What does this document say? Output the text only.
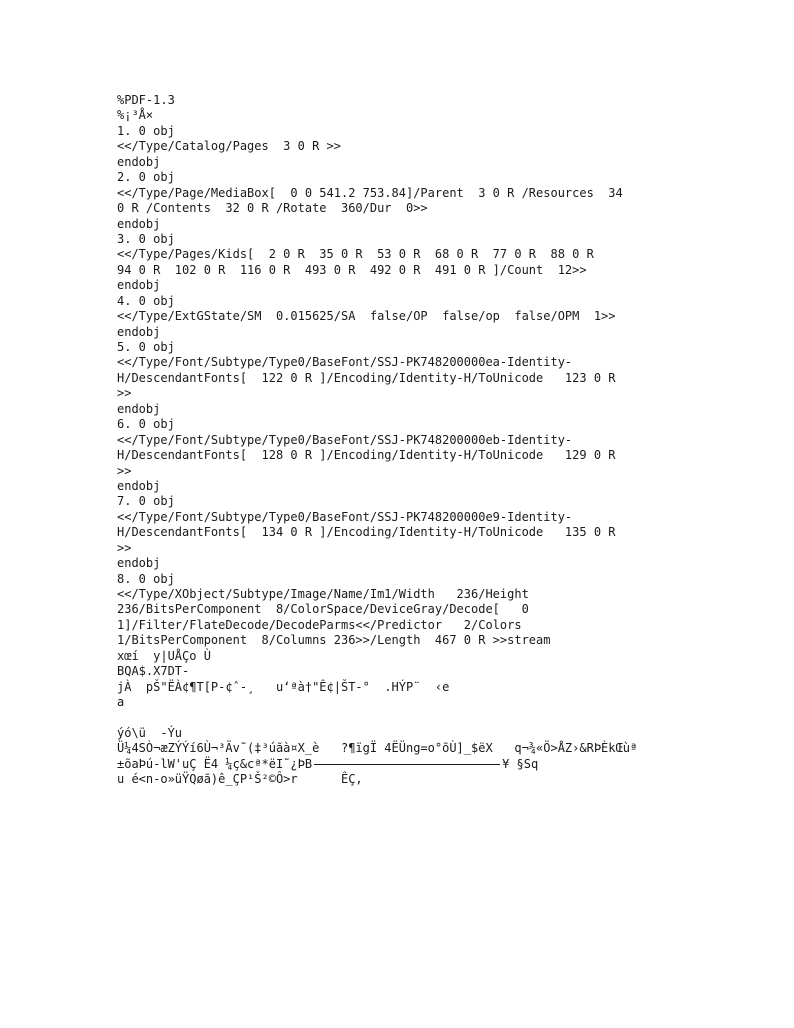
%PDF-1.3
%¡³Å×
1. 0 obj
<</Type/Catalog/Pages  3 0 R >>
endobj
2. 0 obj
<</Type/Page/MediaBox[  0 0 541.2 753.84]/Parent  3 0 R /Resources  34
0 R /Contents  32 0 R /Rotate  360/Dur  0>>
endobj
3. 0 obj
<</Type/Pages/Kids[  2 0 R  35 0 R  53 0 R  68 0 R  77 0 R  88 0 R
94 0 R  102 0 R  116 0 R  493 0 R  492 0 R  491 0 R ]/Count  12>>
endobj
4. 0 obj
<</Type/ExtGState/SM  0.015625/SA  false/OP  false/op  false/OPM  1>>
endobj
5. 0 obj
<</Type/Font/Subtype/Type0/BaseFont/SSJ-PK748200000ea-Identity-
H/DescendantFonts[  122 0 R ]/Encoding/Identity-H/ToUnicode   123 0 R
>>
endobj
6. 0 obj
<</Type/Font/Subtype/Type0/BaseFont/SSJ-PK748200000eb-Identity-
H/DescendantFonts[  128 0 R ]/Encoding/Identity-H/ToUnicode   129 0 R
>>
endobj
7. 0 obj
<</Type/Font/Subtype/Type0/BaseFont/SSJ-PK748200000e9-Identity-
H/DescendantFonts[  134 0 R ]/Encoding/Identity-H/ToUnicode   135 0 R
>>
endobj
8. 0 obj
<</Type/XObject/Subtype/Image/Name/Im1/Width   236/Height
236/BitsPerComponent  8/ColorSpace/DeviceGray/Decode[   0
1]/Filter/FlateDecode/DecodeParms<</Predictor   2/Colors
1/BitsPerComponent  8/Columns 236>>/Length  467 0 R >>stream
xœí  y|UÅÇo Ù
BQA$.X7DT-
jÀ  pŠ"ËÀ¢¶T[P-¢ˆ-¸   u‘ªà†"Ê¢|ŠT-°  .HÝP¨  ‹e
a
ýó\ü  -Ýu
Ü¼4SÒ¬æZÝÝí6Ù¬³Äv˜(‡³úãà¤X_è   ?¶ïgÏ 4ËÜng=o°õÙ]_$ëX   q¬¾«Ö>ÅZ›&RÞÈkŒùª
±õaÞú-lW'uÇ Ë4 ¼ç&cª*ëI˜¿ÞB	¥ §Sq
u é<n-o»üŸQøã)ê_ÇP¹Š²©Ô>r      ÊÇ,
